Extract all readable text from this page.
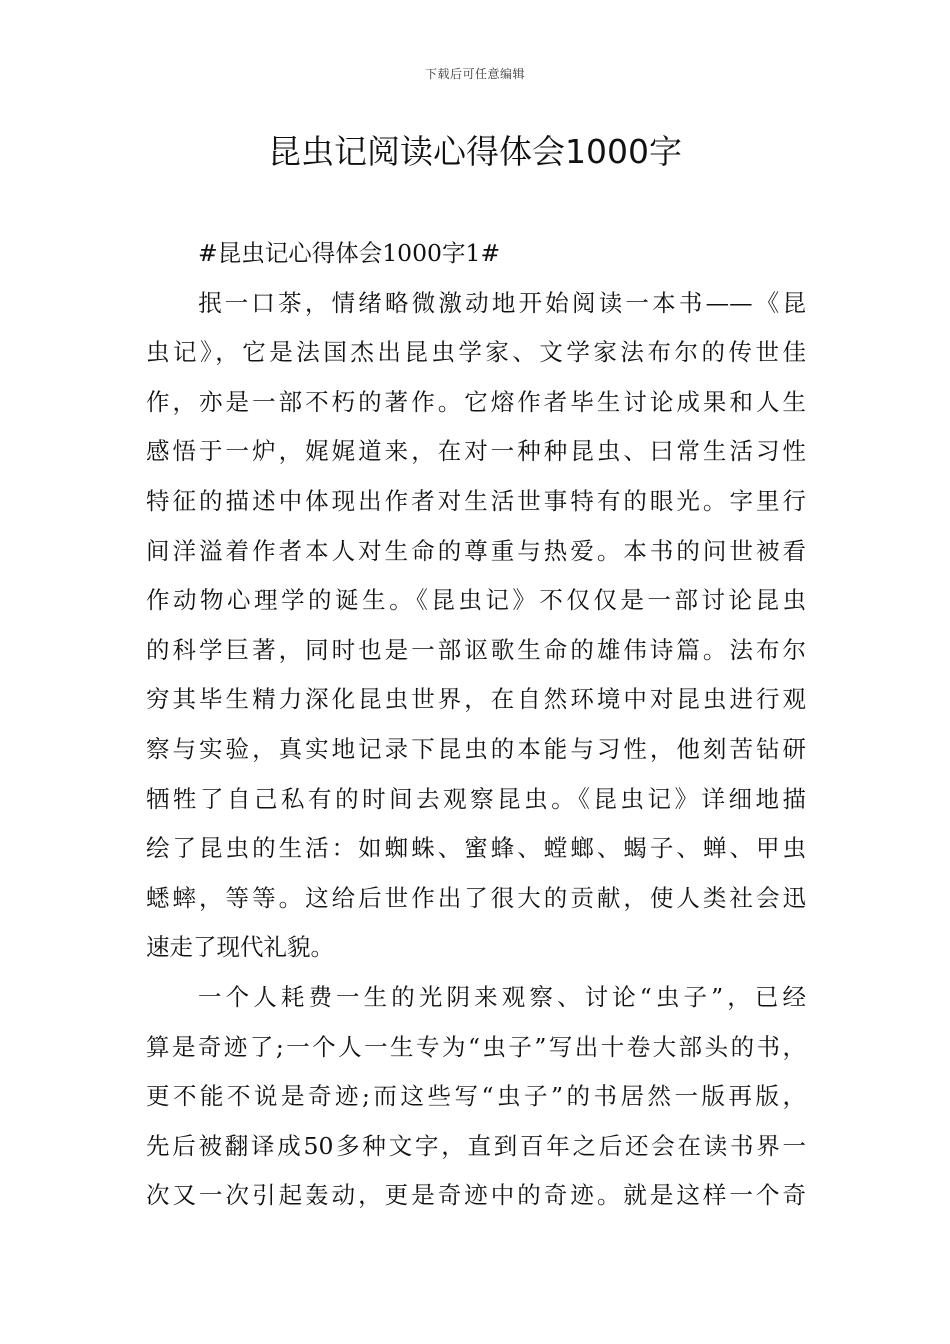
下载后可任意编辑
昆虫记阅读心得体会1000字
#昆虫记心得体会1000字1#
抿一口茶，情绪略微激动地开始阅读一本书——《昆
虫记》，它是法国杰出昆虫学家、文学家法布尔的传世佳
作，亦是一部不朽的著作。它熔作者毕生讨论成果和人生
感悟于一炉，娓娓道来，在对一种种昆虫、曰常生活习性
特征的描述中体现出作者对生活世事特有的眼光。字里行
间洋溢着作者本人对生命的尊重与热爱。本书的问世被看
作动物心理学的诞生。《昆虫记》不仅仅是一部讨论昆虫
的科学巨著，同时也是一部讴歌生命的雄伟诗篇。法布尔
穷其毕生精力深化昆虫世界，在自然环境中对昆虫进行观
察与实验，真实地记录下昆虫的本能与习性，他刻苦钻研
牺牲了自己私有的时间去观察昆虫。《昆虫记》详细地描
绘了昆虫的生活：如蜘蛛、蜜蜂、螳螂、蝎子、蝉、甲虫
蟋蟀，等等。这给后世作出了很大的贡献，使人类社会迅
速走了现代礼貌。
一个人耗费一生的光阴来观察、讨论“虫子”，已经
算是奇迹了;一个人一生专为“虫子”写出十卷大部头的书，
更不能不说是奇迹;而这些写“虫子”的书居然一版再版，
先后被翻译成50多种文字，直到百年之后还会在读书界一
次又一次引起轰动，更是奇迹中的奇迹。就是这样一个奇
